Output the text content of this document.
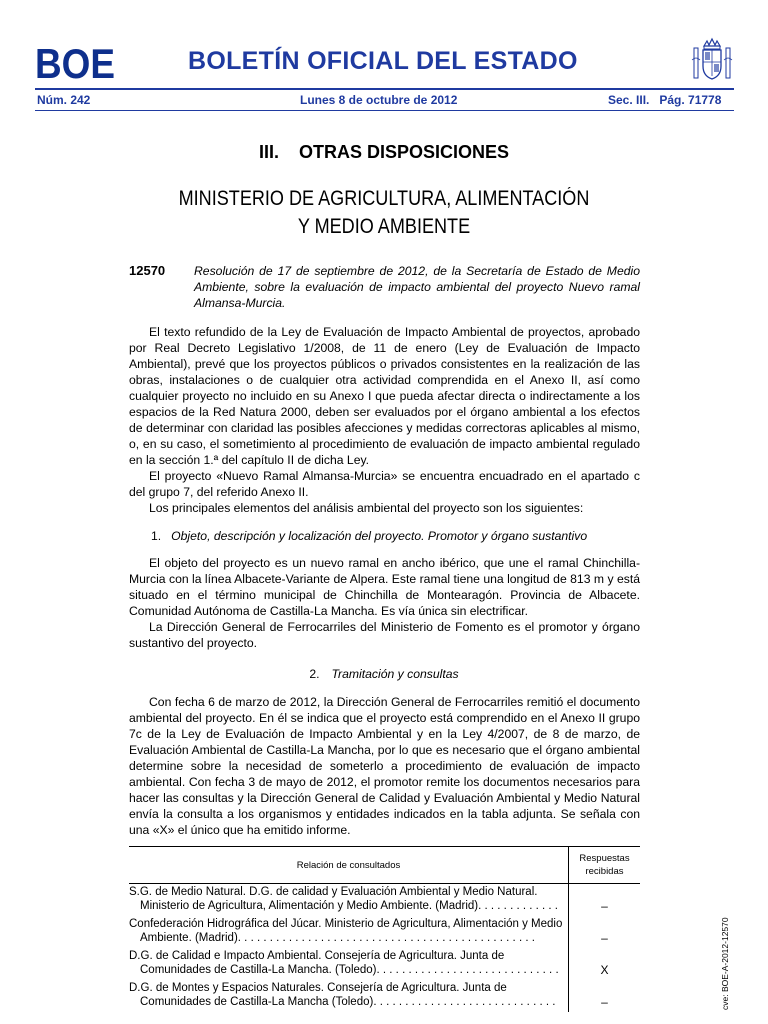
BOE	BOLETÍN OFICIAL DEL ESTADO
Núm. 242	Lunes 8 de octubre de 2012	Sec. III.   Pág. 71778
III.    OTRAS DISPOSICIONES
MINISTERIO DE AGRICULTURA, ALIMENTACIÓN
Y MEDIO AMBIENTE
12570 Resolución de 17 de septiembre de 2012, de la Secretaría de Estado de Medio Ambiente, sobre la evaluación de impacto ambiental del proyecto Nuevo ramal Almansa-Murcia.

El texto refundido de la Ley de Evaluación de Impacto Ambiental de proyectos, aprobado por Real Decreto Legislativo 1/2008, de 11 de enero (Ley de Evaluación de Impacto Ambiental), prevé que los proyectos públicos o privados consistentes en la realización de las obras, instalaciones o de cualquier otra actividad comprendida en el Anexo II, así como cualquier proyecto no incluido en su Anexo I que pueda afectar directa o indirectamente a los espacios de la Red Natura 2000, deben ser evaluados por el órgano ambiental a los efectos de determinar con claridad las posibles afecciones y medidas correctoras aplicables al mismo, o, en su caso, el sometimiento al procedimiento de evaluación de impacto ambiental regulado en la sección 1.ª del capítulo II de dicha Ley.

El proyecto «Nuevo Ramal Almansa-Murcia» se encuentra encuadrado en el apartado c del grupo 7, del referido Anexo II.

Los principales elementos del análisis ambiental del proyecto son los siguientes:

1. Objeto, descripción y localización del proyecto. Promotor y órgano sustantivo

El objeto del proyecto es un nuevo ramal en ancho ibérico, que une el ramal Chinchilla-Murcia con la línea Albacete-Variante de Alpera. Este ramal tiene una longitud de 813 m y está situado en el término municipal de Chinchilla de Montearagón. Provincia de Albacete. Comunidad Autónoma de Castilla-La Mancha. Es vía única sin electrificar.

La Dirección General de Ferrocarriles del Ministerio de Fomento es el promotor y órgano sustantivo del proyecto.

2. Tramitación y consultas

Con fecha 6 de marzo de 2012, la Dirección General de Ferrocarriles remitió el documento ambiental del proyecto. En él se indica que el proyecto está comprendido en el Anexo II grupo 7c de la Ley de Evaluación de Impacto Ambiental y en la Ley 4/2007, de 8 de marzo, de Evaluación Ambiental de Castilla-La Mancha, por lo que es necesario que el órgano ambiental determine sobre la necesidad de someterlo a procedimiento de evaluación de impacto ambiental. Con fecha 3 de mayo de 2012, el promotor remite los documentos necesarios para hacer las consultas y la Dirección General de Calidad y Evaluación Ambiental y Medio Natural envía la consulta a los organismos y entidades indicados en la tabla adjunta. Se señala con una «X» el único que ha emitido informe.

Relación de consultados	Respuestas recibidas

S.G. de Medio Natural. D.G. de calidad y Evaluación Ambiental y Medio Natural.
Ministerio de Agricultura, Alimentación y Medio Ambiente. (Madrid). . . . . . . . . . . . .	–

Confederación Hidrográfica del Júcar. Ministerio de Agricultura, Alimentación y Medio
Ambiente. (Madrid). . . . . . . . . . . . . . . . . . . . . . . . . . . . . . . . . . . . . . . . . . . . . . .	–

D.G. de Calidad e Impacto Ambiental. Consejería de Agricultura. Junta de
Comunidades de Castilla-La Mancha. (Toledo). . . . . . . . . . . . . . . . . . . . . . . . . . . . .	X

D.G. de Montes y Espacios Naturales. Consejería de Agricultura. Junta de
Comunidades de Castilla-La Mancha (Toledo). . . . . . . . . . . . . . . . . . . . . . . . . . . . .	–	cve: BOE-A-2012-12570
